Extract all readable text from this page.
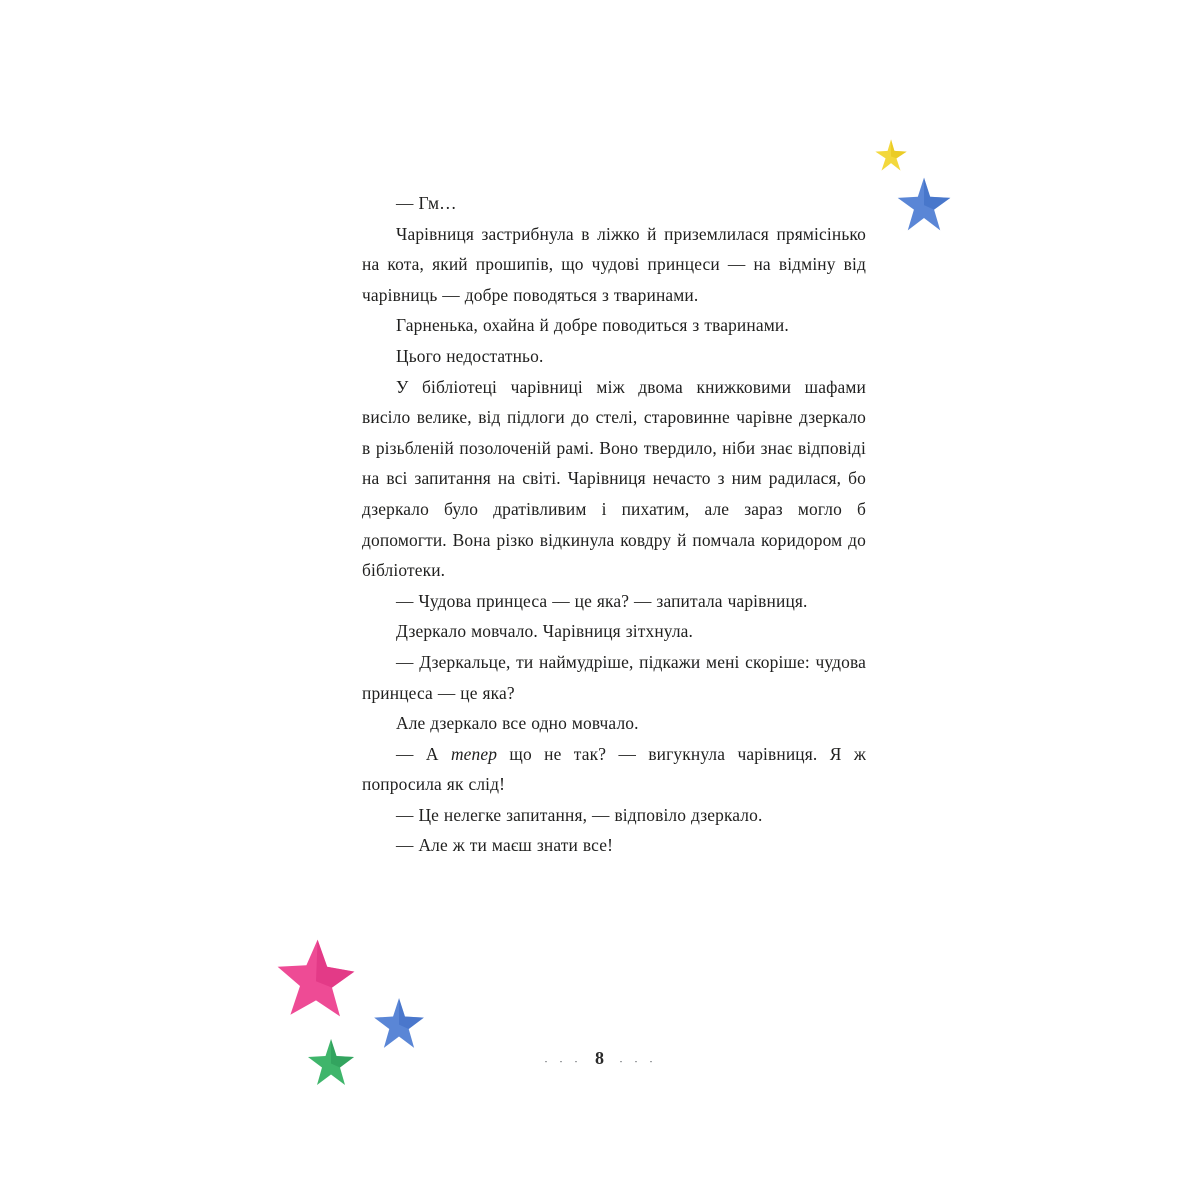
— Гм…

Чарівниця застрибнула в ліжко й приземлилася прямісінько на кота, який прошипів, що чудові принцеси — на відміну від чарівниць — добре поводяться з тваринами.

Гарненька, охайна й добре поводиться з тваринами.

Цього недостатньо.

У бібліотеці чарівниці між двома книжковими шафами висіло велике, від підлоги до стелі, старовинне чарівне дзеркало в різьбленій позолоченій рамі. Воно твердило, ніби знає відповіді на всі запитання на світі. Чарівниця нечасто з ним радилася, бо дзеркало було дратівливим і пихатим, але зараз могло б допомогти. Вона різко відкинула ковдру й помчала коридором до бібліотеки.

— Чудова принцеса — це яка? — запитала чарівниця.

Дзеркало мовчало. Чарівниця зітхнула.

— Дзеркальце, ти наймудріше, підкажи мені скоріше: чудова принцеса — це яка?

Але дзеркало все одно мовчало.

— А тепер що не так? — вигукнула чарівниця. Я ж попросила як слід!

— Це нелегке запитання, — відповіло дзеркало.

— Але ж ти маєш знати все!

﹒﹒﹒ 8 ﹒﹒﹒
